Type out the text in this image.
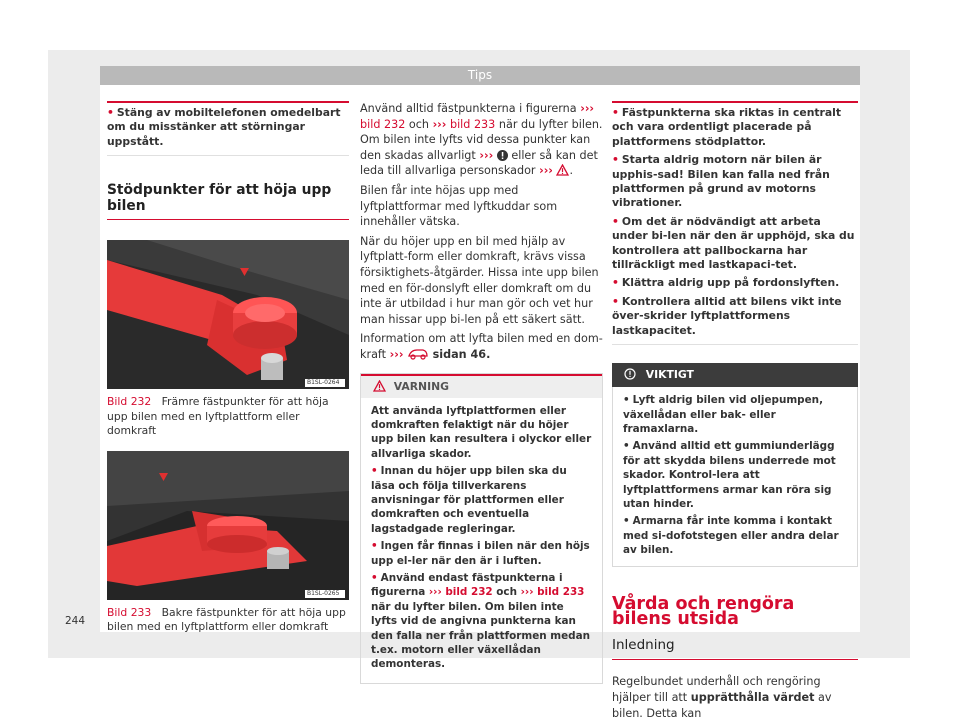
Tips
• Stäng av mobiltelefonen omedelbart om du misstänker att störningar uppstått.
Stödpunkter för att höja upp bilen
B1SL-0264
Bild 232 Främre fästpunkter för att höja upp bilen med en lyftplattform eller domkraft
B1SL-0265
Bild 233 Bakre fästpunkter för att höja upp bilen med en lyftplattform eller domkraft

Använd alltid fästpunkterna i figurerna ››› bild 232 och ››› bild 233 när du lyfter bilen. Om bilen inte lyfts vid dessa punkter kan den skadas allvarligt ››› eller så kan det leda till allvarliga personskador ››› .

Bilen får inte höjas upp med lyftplattformar med lyftkuddar som innehåller vätska.

När du höjer upp en bil med hjälp av lyftplatt-form eller domkraft, krävs vissa försiktighets-åtgärder. Hissa inte upp bilen med en för-donslyft eller domkraft om du inte är utbildad i hur man gör och vet hur man hissar upp bi-len på ett säkert sätt.

Information om att lyfta bilen med en dom-kraft ›››	sidan 46.

VARNING

Att använda lyftplattformen eller domkraften felaktigt när du höjer upp bilen kan resultera i olyckor eller allvarliga skador.

• Innan du höjer upp bilen ska du läsa och följa tillverkarens anvisningar för plattformen eller domkraften och eventuella lagstadgade regleringar.

• Ingen får finnas i bilen när den höjs upp el-ler när den är i luften.

• Använd endast fästpunkterna i figurerna ››› bild 232 och ››› bild 233 när du lyfter bilen. Om bilen inte lyfts vid de angivna punkterna kan den falla ner från plattformen medan t.ex. motorn eller växellådan demonteras.

• Fästpunkterna ska riktas in centralt och vara ordentligt placerade på plattformens stödplattor.

• Starta aldrig motorn när bilen är upphis-sad! Bilen kan falla ned från plattformen på grund av motorns vibrationer.

• Om det är nödvändigt att arbeta under bi-len när den är upphöjd, ska du kontrollera att pallbockarna har tillräckligt med lastkapaci-tet.

• Klättra aldrig upp på fordonslyften.

• Kontrollera alltid att bilens vikt inte över-skrider lyftplattformens lastkapacitet.

VIKTIGT

• Lyft aldrig bilen vid oljepumpen, växellådan eller bak- eller framaxlarna.

• Använd alltid ett gummiunderlägg för att skydda bilens underrede mot skador. Kontrol-lera att lyftplattformens armar kan röra sig utan hinder.

• Armarna får inte komma i kontakt med si-dofotstegen eller andra delar av bilen.

Vårda och rengöra bilens utsida
Inledning

Regelbundet underhåll och rengöring hjälper till att upprätthålla värdet av bilen. Detta kan

244
